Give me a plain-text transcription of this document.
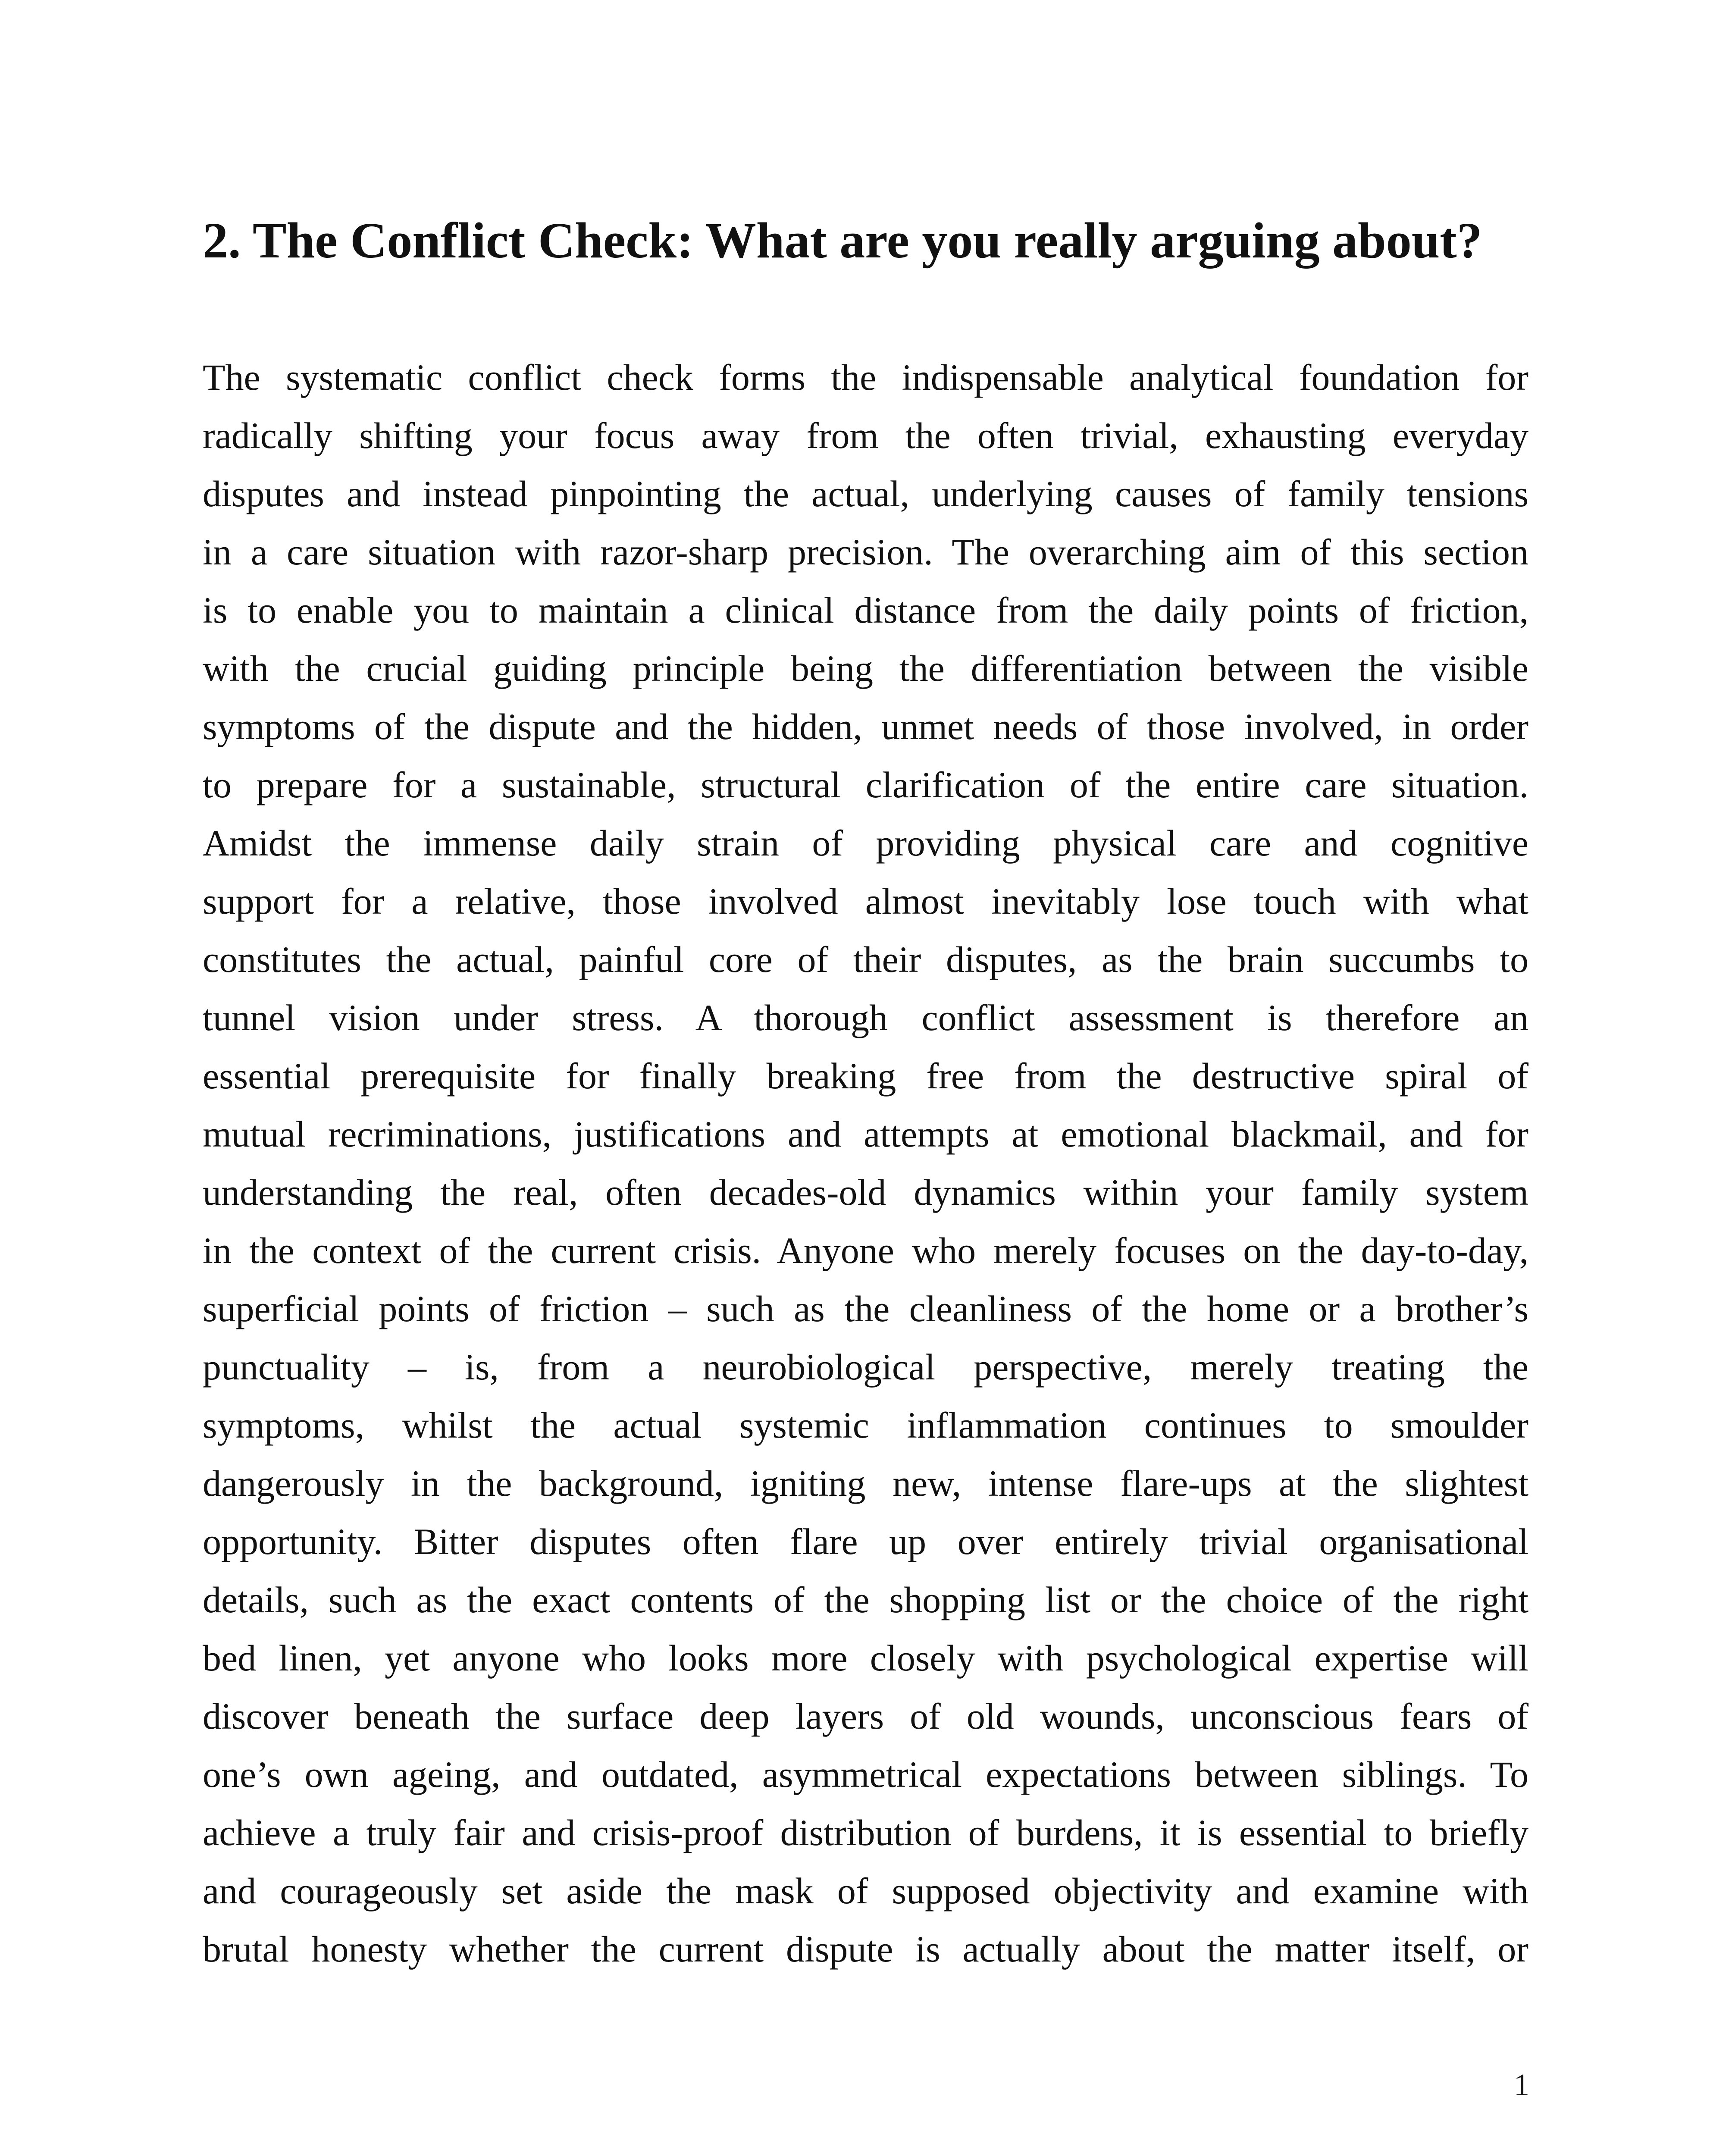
2. The Conflict Check: What are you really arguing about?
The systematic conflict check forms the indispensable analytical foundation for
radically shifting your focus away from the often trivial, exhausting everyday
disputes and instead pinpointing the actual, underlying causes of family tensions
in a care situation with razor-sharp precision. The overarching aim of this section
is to enable you to maintain a clinical distance from the daily points of friction,
with the crucial guiding principle being the differentiation between the visible
symptoms of the dispute and the hidden, unmet needs of those involved, in order
to prepare for a sustainable, structural clarification of the entire care situation.
Amidst the immense daily strain of providing physical care and cognitive
support for a relative, those involved almost inevitably lose touch with what
constitutes the actual, painful core of their disputes, as the brain succumbs to
tunnel vision under stress. A thorough conflict assessment is therefore an
essential prerequisite for finally breaking free from the destructive spiral of
mutual recriminations, justifications and attempts at emotional blackmail, and for
understanding the real, often decades-old dynamics within your family system
in the context of the current crisis. Anyone who merely focuses on the day-to-day,
superficial points of friction – such as the cleanliness of the home or a brother’s
punctuality – is, from a neurobiological perspective, merely treating the
symptoms, whilst the actual systemic inflammation continues to smoulder
dangerously in the background, igniting new, intense flare-ups at the slightest
opportunity. Bitter disputes often flare up over entirely trivial organisational
details, such as the exact contents of the shopping list or the choice of the right
bed linen, yet anyone who looks more closely with psychological expertise will
discover beneath the surface deep layers of old wounds, unconscious fears of
one’s own ageing, and outdated, asymmetrical expectations between siblings. To
achieve a truly fair and crisis-proof distribution of burdens, it is essential to briefly
and courageously set aside the mask of supposed objectivity and examine with
brutal honesty whether the current dispute is actually about the matter itself, or
1
